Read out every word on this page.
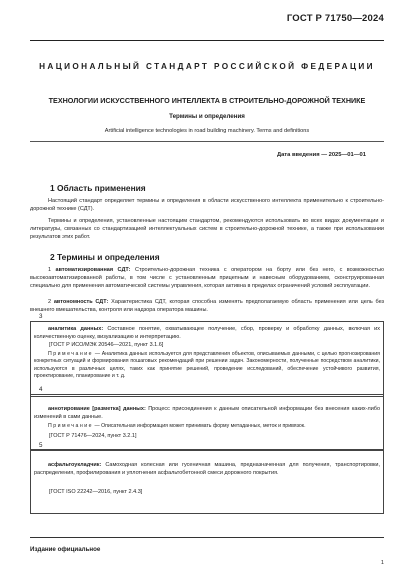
ГОСТ Р 71750—2024
НАЦИОНАЛЬНЫЙ СТАНДАРТ РОССИЙСКОЙ ФЕДЕРАЦИИ
ТЕХНОЛОГИИ ИСКУССТВЕННОГО ИНТЕЛЛЕКТА В СТРОИТЕЛЬНО-ДОРОЖНОЙ ТЕХНИКЕ
Термины и определения
Artificial intelligence technologies in road building machinery. Terms and definitions
Дата введения — 2025—01—01
1 Область применения

Настоящий стандарт определяет термины и определения в области искусственного интеллекта применительно к строительно-дорожной технике (СДТ).

Термины и определения, установленные настоящим стандартом, рекомендуются использовать во всех видах документации и литературы, связанных со стандартизацией интеллектуальных систем в строительно-дорожной технике, а также при использовании результатов этих работ.

2 Термины и определения

1 автоматизированная СДТ: Строительно-дорожная техника с оператором на борту или без него, с возможностью высокоавтоматизированной работы, в том числе с установленным прицепным и навесным оборудованием, сконструированная специально для применения автоматической системы управления, которая активна в пределах ограничений условий эксплуатации.

2 автономность СДТ: Характеристика СДТ, которая способна изменять предполагаемую область применения или цель без внешнего вмешательства, контроля или надзора оператора машины.

3
аналитика данных: Составное понятие, охватывающее получение, сбор, проверку и обработку данных, включая их количественную оценку, визуализацию и интерпретацию.
[ГОСТ Р ИСО/МЭК 20546—2021, пункт 3.1.6]
Примечание — Аналитика данных используется для представления объектов, описываемых данными, с целью прогнозирования конкретных ситуаций и формирования пошаговых рекомендаций при решении задач. Закономерности, полученные посредством аналитики, используются в различных целях, таких как принятие решений, проведение исследований, обеспечение устойчивого развития, проектирование, планирование и т. д.
4
аннотирование [разметка] данных: Процесс присоединения к данным описательной информации без внесения каких-либо изменений в сами данные.
Примечание — Описательная информация может принимать форму метаданных, меток и привязок.
[ГОСТ Р 71476—2024, пункт 3.2.1]
5
асфальтоукладчик: Самоходная колесная или гусеничная машина, предназначенная для получения, транспортировки, распределения, профилирования и уплотнения асфальтобетонной смеси дорожного покрытия.
[ГОСТ ISO 22242—2016, пункт 2.4.3]
Издание официальное
1
